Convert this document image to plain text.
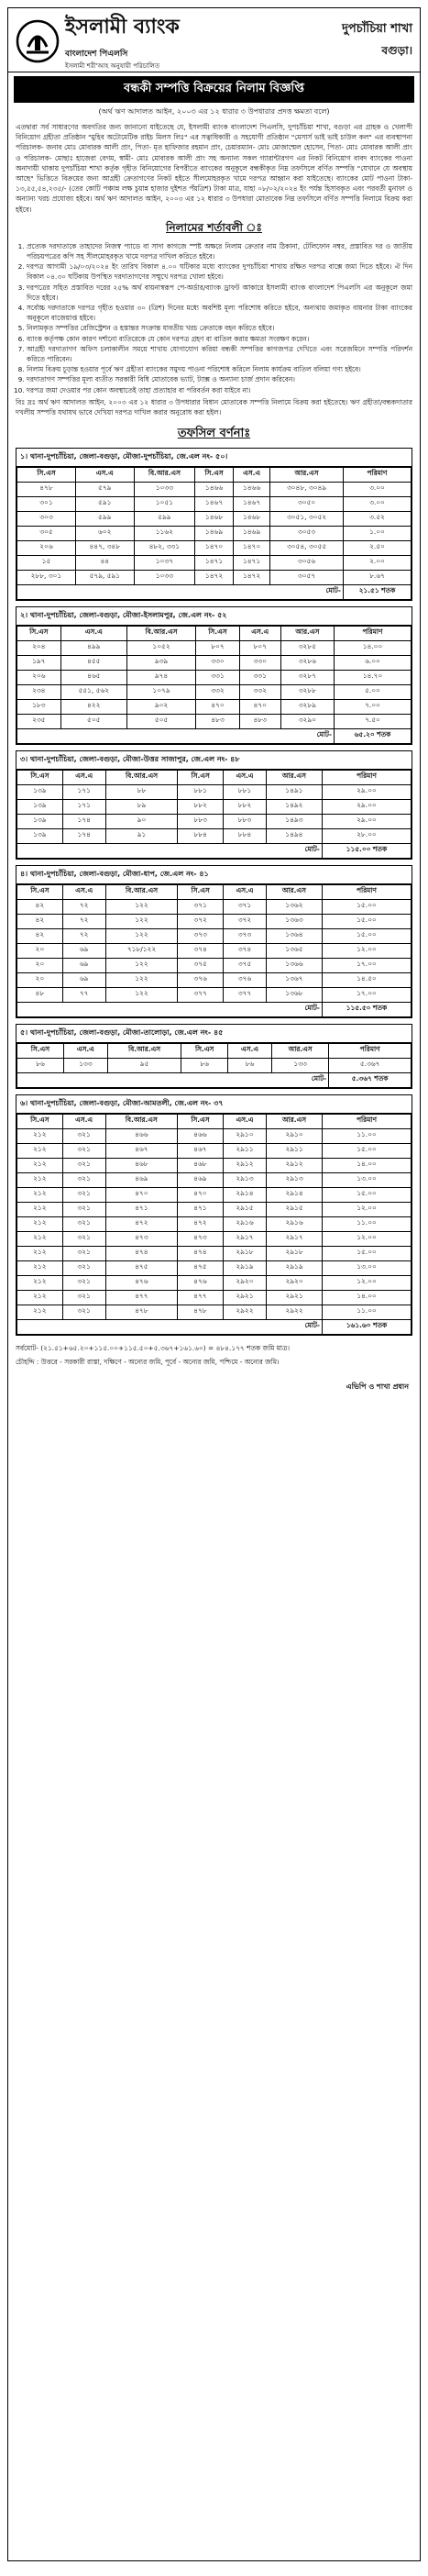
ইসলামী ব্যাংক
বাংলাদেশ পিএলসি
ইসলামী শরী'আহ অনুযায়ী পরিচালিত
দুপচাঁচিয়া শাখা
বগুড়া।
বন্ধকী সম্পত্তি বিক্রয়ের নিলাম বিজ্ঞপ্তি
(অর্থ ঋণ আদালত আইন, ২০০৩ এর ১২ ধারার ৩ উপধারার প্রদত্ত ক্ষমতা বলে)
এতদ্বারা সর্ব সাধারণের অবগতির জন্য জানানো যাইতেছে যে, ইসলামী ব্যাংক বাংলাদেশ পিএলসি, দুপচাঁচিয়া শাখা, বগুড়া এর গ্রাহক ও খেলাপী বিনিয়োগ গ্রহীতা প্রতিষ্ঠান "মুহিব অটোমেটিক রাইচ মিলস লিঃ" এর সত্বাধিকারী ও সহযোগী প্রতিষ্ঠান "মেসার্স ভাই ভাই চাউল কল" এর ব্যবস্থাপনা পরিচালক- জনাব মোঃ মোবারক আলী প্রাং, পিতা- মৃত হাফিজার রহমান প্রাং, চেয়ারম্যান- মোঃ মোজাম্মেল হোসেন, পিতা- মোঃ মোবারক আলী প্রাং ও পরিচালক- মোছাঃ হাজেরা বেগম, স্বামী- মোঃ মোবারক আলী প্রাং সহ অন্যান্য সকল গ্যারান্টারগণ এর নিকট বিনিয়োগ বাবদ ব্যাংকের পাওনা অনাদায়ী থাকায় দুপচাঁচিয়া শাখা কর্তৃক গৃহীত বিনিয়োগের বিপরীতে ব্যাংকের অনুকূলে বন্ধকীকৃত নিম্ন তফসিলে বর্ণিত সম্পত্তি "যেখানে যে অবস্থায় আছে" ভিত্তিতে বিক্রয়ের জন্য আগ্রহী ক্রেতাগণের নিকট হইতে সীলমোহরকৃত খামে দরপত্র আহ্বান করা যাইতেছে। ব্যাংকের মোট পাওনা টাকা- ১৩,৫৫,৫৪,২৩৫/- (তের কোটি পঞ্চান্ন লক্ষ চুয়ান্ন হাজার দুইশত পঁয়ত্রিশ) টাকা মাত্র, যাহা ০৮/০২/২০২৪ ইং পর্যন্ত হিসাবকৃত এবং পরবর্তী মুনাফা ও অন্যান্য খরচ প্রযোজ্য হইবে। অর্থ ঋণ আদালত আইন, ২০০৩ এর ১২ ধারার ৩ উপধারা মোতাবেক নিম্ন তফসিলে বর্ণিত সম্পত্তি নিলামে বিক্রয় করা হইবে।
নিলামের শর্তাবলী ঃ
1. প্রত্যেক দরদাতাকে তাহাদের নিজস্ব প্যাডে বা সাদা কাগজে স্পষ্ট অক্ষরে নিলাম ক্রেতার নাম ঠিকানা, টেলিফোন নম্বর, প্রস্তাবিত দর ও জাতীয় পরিচয়পত্রের কপি সহ সীলমোহরকৃত খামে দরপত্র দাখিল করিতে হইবে।
2. দরপত্র আগামী ১৯/০৩/২০২৪ ইং তারিখ বিকাল ৪.০০ ঘটিকার মধ্যে ব্যাংকের দুপচাঁচিয়া শাখায় রক্ষিত দরপত্র বাক্সে জমা দিতে হইবে। ঐ দিন বিকাল ০৪.৩০ ঘটিকায় উপস্থিত দরদাতাগণের সম্মুখে দরপত্র খোলা হইবে।
3. দরপত্রের সহিত প্রস্তাবিত দরের ২৫% অর্থ বায়নাস্বরূপ পে-অর্ডার/ব্যাংক ড্রাফট আকারে ইসলামী ব্যাংক বাংলাদেশ পিএলসি এর অনুকূলে জমা দিতে হইবে।
4. সর্বোচ্চ দরদাতাকে দরপত্র গৃহীত হওয়ার ৩০ (ত্রিশ) দিনের মধ্যে অবশিষ্ট মূল্য পরিশোধ করিতে হইবে, অন্যথায় জমাকৃত বায়নার টাকা ব্যাংকের অনুকূলে বাজেয়াপ্ত হইবে।
5. নিলামকৃত সম্পত্তির রেজিস্ট্রেশন ও হস্তান্তর সংক্রান্ত যাবতীয় খরচ ক্রেতাকে বহন করিতে হইবে।
6. ব্যাংক কর্তৃপক্ষ কোন কারণ দর্শানো ব্যতিরেকে যে কোন দরপত্র গ্রহণ বা বাতিল করার ক্ষমতা সংরক্ষণ করেন।
7. আগ্রহী দরদাতাগণ অফিস চলাকালীন সময়ে শাখায় যোগাযোগ করিয়া বন্ধকী সম্পত্তির কাগজপত্র দেখিতে এবং সরেজমিনে সম্পত্তি পরিদর্শন করিতে পারিবেন।
8. নিলাম বিক্রয় চূড়ান্ত হওয়ার পূর্বে ঋণ গ্রহীতা ব্যাংকের সমুদয় পাওনা পরিশোধ করিলে নিলাম কার্যক্রম বাতিল বলিয়া গণ্য হইবে।
9. দরদাতাগণ সম্পত্তির মূল্য ব্যতীত সরকারী বিধি মোতাবেক ভ্যাট, ট্যাক্স ও অন্যান্য চার্জ প্রদান করিবেন।
10. দরপত্র জমা দেওয়ার পর কোন অবস্থাতেই তাহা প্রত্যাহার বা পরিবর্তন করা যাইবে না।
বিঃ দ্রঃ অর্থ ঋণ আদালত আইন, ২০০৩ এর ১২ ধারার ৩ উপধারার বিধান মোতাবেক সম্পত্তি নিলামে বিক্রয় করা হইতেছে। ঋণ গ্রহীতা/বন্ধকদাতার দখলীয় সম্পত্তি যথাযথ ভাবে দেখিয়া দরপত্র দাখিল করার অনুরোধ করা হইল।
তফসিল বর্ণনাঃ
১। থানা-দুপচাঁচিয়া, জেলা-বগুড়া, মৌজা-দুপচাঁচিয়া, জে.এল নং- ৫০।
সি.এস	এস.এ	বি.আর.এস	সি.এস	এস.এ	আর.এস	পরিমাণ
৪৭৮	৫৭৯	১০৩৩	১৪৬৬	১৪৬৬	৩০৪৮, ৩০৪৯	৩.০০
৩০১	৫৯১	১০৫১	১৪৬৭	১৪৬৭	৩০৫০	৩.০০
৩০৩	৫৯৯	৫৯৯	১৪৬৮	১৪৬৮	৩০৫১, ৩০৫২	৩.৫২
৩০৫	৬০২	১১৬২	১৪৬৯	১৪৬৯	৩০৫৩	১.০০
২০৬	৪৪৭, ৩৪৮	৪৮২, ৩৩১	১৪৭০	১৪৭০	৩০৫৪, ৩০৫৫	২.৫০
১৫	৪৪	১০৩৭	১৪৭১	১৪৭১	৩০৫৬	২.০০
২৮৮, ৩০১	৫৭৯, ৫৯১	১০৩৩	১৪৭২	১৪৭২	৩০৫৭	৮.৬৭
মোট-						২১.৫১ শতক
২। থানা-দুপচাঁচিয়া, জেলা-বগুড়া, মৌজা-ইসলামপুর, জে.এল নং- ৫২
সি.এস	এস.এ	বি.আর.এস	সি.এস	এস.এ	আর.এস	পরিমাণ
২০৪	৪৯৯	১০৫২	৮০৭	৮০৭	৩২৮৫	১৪.০০
১৯৭	৪৫৫	৯৩৯	৩৩০	৩৩০	৩২৮৬	৬.০০
২০৬	৪৬৫	৯৭৪	৩৩১	৩৩১	৩২৮৭	১৪.৭০
২৩৪	৫৫১, ৫৬২	১০৭৯	৩৩২	৩৩২	৩২৮৮	৫.০০
১৮৩	৪২২	৯০২	৪৭০	৪৭০	৩২৮৯	৭.০০
২৩৫	৫০৫	৫০৫	৪৮৩	৪৮৩	৩২৯০	৭.৫০
মোট-						৬৫.২০ শতক
৩। থানা-দুপচাঁচিয়া, জেলা-বগুড়া, মৌজা-উত্তর সাজাপুর, জে.এল নং- ৪৮
সি.এস	এস.এ	বি.আর.এস	সি.এস	এস.এ	আর.এস	পরিমাণ
১৩৯	১৭১	৮৮	৮৮১	৮৮১	১৪৯১	২৯.০০
১৩৯	১৭১	৮৯	৮৮২	৮৮২	১৪৯২	২৯.০০
১৩৯	১৭৪	৯০	৮৮৩	৮৮৩	১৪৯৩	২৯.০০
১৩৯	১৭৪	৯১	৮৮৪	৮৮৪	১৪৯৪	২৮.০০
মোট-						১১৫.০০ শতক
৪। থানা-দুপচাঁচিয়া, জেলা-বগুড়া, মৌজা-ধাপ, জে.এল নং- ৪১
সি.এস	এস.এ	বি.আর.এস	সি.এস	এস.এ	আর.এস	পরিমাণ
৪২	৭২	১২২	৩৭১	৩৭১	১৩৬২	১৫.০০
৪২	৭২	১২২	৩৭২	৩৭২	১৩৬৩	১৫.০০
৪২	৭২	১২২	৩৭৩	৩৭৩	১৩৬৪	১৫.০০
২০	৬৯	৭১৮/১২২	৩৭৪	৩৭৪	১৩৬৫	১২.০০
২০	৬৯	১২২	৩৭৫	৩৭৫	১৩৬৬	১৭.০০
২০	৬৯	১২২	৩৭৬	৩৭৬	১৩৬৭	১৪.৫০
৪৮	৭৭	১২২	৩৭৭	৩৭৭	১৩৬৮	১৭.০০
মোট-						১১৫.৫০ শতক
৫। থানা-দুপচাঁচিয়া, জেলা-বগুড়া, মৌজা-তালোড়া, জে.এল নং- ৪৫
সি.এস	এস.এ	বি.আর.এস	সি.এস	এস.এ	আর.এস	পরিমাণ
৮৬	১৩৩	৯৫	৮৬	৮৬	১৩৩	৫.৩৬৭
মোট-						৫.৩৬৭ শতক
৬। থানা-দুপচাঁচিয়া, জেলা-বগুড়া, মৌজা-আমতলী, জে.এল নং- ৩৭
সি.এস	এস.এ	বি.আর.এস	সি.এস	এস.এ	আর.এস	পরিমাণ
২১২	৩২১	৪৬৬	৪৬৬	২৯১০	২৯১০	১১.০০
২১২	৩২১	৪৬৭	৪৬৭	২৯১১	২৯১১	১৫.০০
২১২	৩২১	৪৬৮	৪৬৮	২৯১২	২৯১২	১৪.০০
২১২	৩২১	৪৬৯	৪৬৯	২৯১৩	২৯১৩	১৩.০০
২১২	৩২১	৪৭০	৪৭০	২৯১৪	২৯১৪	১৫.০০
২১২	৩২১	৪৭১	৪৭১	২৯১৫	২৯১৫	১২.০০
২১২	৩২১	৪৭২	৪৭২	২৯১৬	২৯১৬	১১.০০
২১২	৩২১	৪৭৩	৪৭৩	২৯১৭	২৯১৭	১২.০০
২১২	৩২১	৪৭৪	৪৭৪	২৯১৮	২৯১৮	১৫.০০
২১২	৩২১	৪৭৫	৪৭৫	২৯১৯	২৯১৯	১৩.০০
২১২	৩২১	৪৭৬	৪৭৬	২৯২০	২৯২০	১২.০০
২১২	৩২১	৪৭৭	৪৭৭	২৯২১	২৯২১	১৪.০০
২১২	৩২১	৪৭৮	৪৭৮	২৯২২	২৯২২	১১.০০
মোট-						১৬১.৬০ শতক
সর্বমোট- (২১.৫১+৬৫.২০+১১৫.০০+১১৫.৫০+৫.৩৬৭+১৬১.৬০) = ৪৮৪.১৭৭ শতক জমি মাত্র।
চৌহদ্দি : উত্তরে - সরকারী রাস্তা, দক্ষিণে - অন্যের জমি, পূর্বে - অন্যের জমি, পশ্চিমে - অন্যের জমি।
এভিপি ও শাখা প্রধান
